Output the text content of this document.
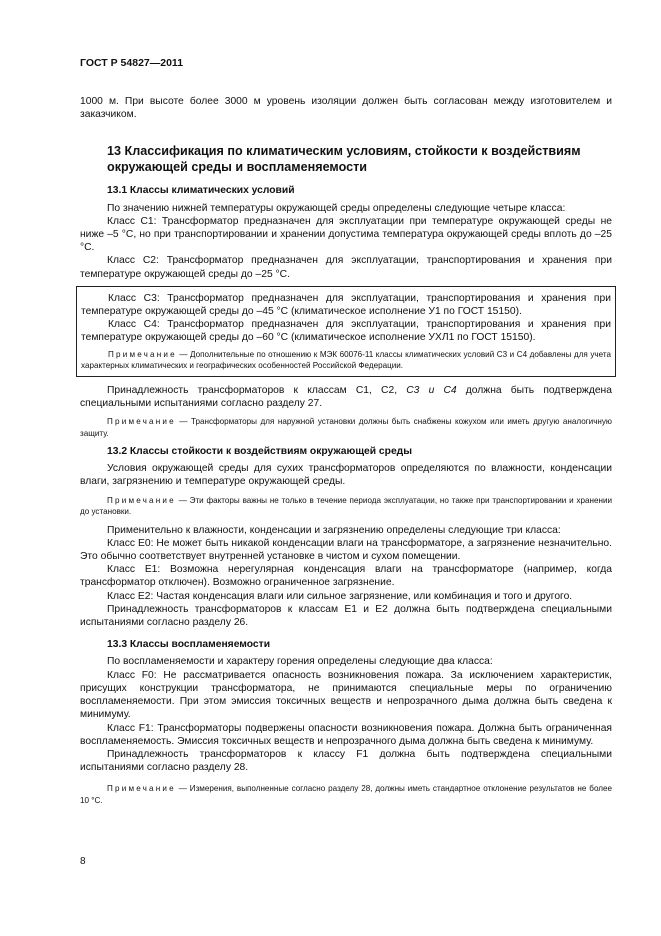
ГОСТ Р 54827—2011

1000 м. При высоте более 3000 м уровень изоляции должен быть согласован между изготовителем и заказчиком.

13 Классификация по климатическим условиям, стойкости к воздействиям окружающей среды и воспламеняемости

13.1 Классы климатических условий

По значению нижней температуры окружающей среды определены следующие четыре класса:

Класс С1: Трансформатор предназначен для эксплуатации при температуре окружающей среды не ниже –5 °С, но при транспортировании и хранении допустима температура окружающей среды вплоть до –25 °С.

Класс С2: Трансформатор предназначен для эксплуатации, транспортирования и хранения при температуре окружающей среды до –25 °С.

Класс С3: Трансформатор предназначен для эксплуатации, транспортирования и хранения при температуре окружающей среды до –45 °С (климатическое исполнение У1 по ГОСТ 15150).

Класс С4: Трансформатор предназначен для эксплуатации, транспортирования и хранения при температуре окружающей среды до –60 °С (климатическое исполнение УХЛ1 по ГОСТ 15150).

Примечание — Дополнительные по отношению к МЭК 60076-11 классы климатических условий С3 и С4 добавлены для учета характерных климатических и географических особенностей Российской Федерации.

Принадлежность трансформаторов к классам С1, С2, С3 и С4 должна быть подтверждена специальными испытаниями согласно разделу 27.

Примечание — Трансформаторы для наружной установки должны быть снабжены кожухом или иметь другую аналогичную защиту.

13.2 Классы стойкости к воздействиям окружающей среды

Условия окружающей среды для сухих трансформаторов определяются по влажности, конденсации влаги, загрязнению и температуре окружающей среды.

Примечание — Эти факторы важны не только в течение периода эксплуатации, но также при транспортировании и хранении до установки.

Применительно к влажности, конденсации и загрязнению определены следующие три класса:

Класс Е0: Не может быть никакой конденсации влаги на трансформаторе, а загрязнение незначительно. Это обычно соответствует внутренней установке в чистом и сухом помещении.

Класс Е1: Возможна нерегулярная конденсация влаги на трансформаторе (например, когда трансформатор отключен). Возможно ограниченное загрязнение.

Класс Е2: Частая конденсация влаги или сильное загрязнение, или комбинация и того и другого.

Принадлежность трансформаторов к классам Е1 и Е2 должна быть подтверждена специальными испытаниями согласно разделу 26.

13.3 Классы воспламеняемости

По воспламеняемости и характеру горения определены следующие два класса:

Класс F0: Не рассматривается опасность возникновения пожара. За исключением характеристик, присущих конструкции трансформатора, не принимаются специальные меры по ограничению воспламеняемости. При этом эмиссия токсичных веществ и непрозрачного дыма должна быть сведена к минимуму.

Класс F1: Трансформаторы подвержены опасности возникновения пожара. Должна быть ограниченная воспламеняемость. Эмиссия токсичных веществ и непрозрачного дыма должна быть сведена к минимуму.

Принадлежность трансформаторов к классу F1 должна быть подтверждена специальными испытаниями согласно разделу 28.

Примечание — Измерения, выполненные согласно разделу 28, должны иметь стандартное отклонение результатов не более 10 °С.

8
